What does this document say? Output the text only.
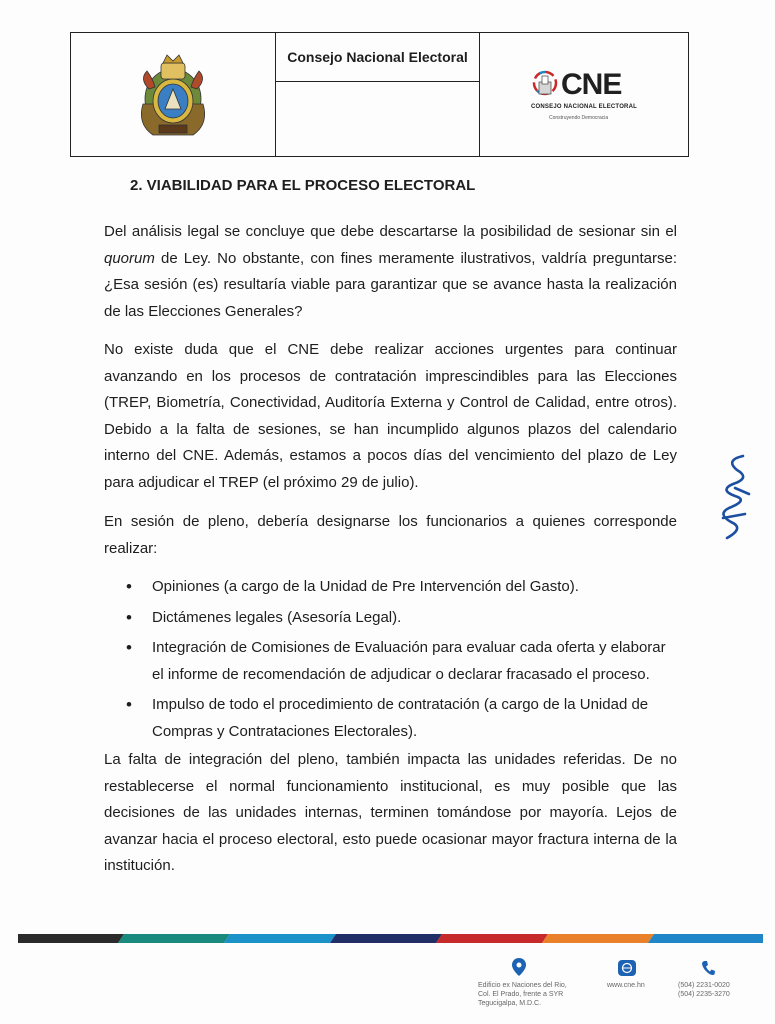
Consejo Nacional Electoral
CNE
CONSEJO NACIONAL ELECTORAL
Construyendo Democracia
2. VIABILIDAD PARA EL PROCESO ELECTORAL

Del análisis legal se concluye que debe descartarse la posibilidad de sesionar sin el quorum de Ley. No obstante, con fines meramente ilustrativos, valdría preguntarse: ¿Esa sesión (es) resultaría viable para garantizar que se avance hasta la realización de las Elecciones Generales?

No existe duda que el CNE debe realizar acciones urgentes para continuar avanzando en los procesos de contratación imprescindibles para las Elecciones (TREP, Biometría, Conectividad, Auditoría Externa y Control de Calidad, entre otros). Debido a la falta de sesiones, se han incumplido algunos plazos del calendario interno del CNE. Además, estamos a pocos días del vencimiento del plazo de Ley para adjudicar el TREP (el próximo 29 de julio).

En sesión de pleno, debería designarse los funcionarios a quienes corresponde realizar:

• Opiniones (a cargo de la Unidad de Pre Intervención del Gasto).
• Dictámenes legales (Asesoría Legal).
• Integración de Comisiones de Evaluación para evaluar cada oferta y elaborar el informe de recomendación de adjudicar o declarar fracasado el proceso.
• Impulso de todo el procedimiento de contratación (a cargo de la Unidad de Compras y Contrataciones Electorales).

La falta de integración del pleno, también impacta las unidades referidas. De no restablecerse el normal funcionamiento institucional, es muy posible que las decisiones de las unidades internas, terminen tomándose por mayoría. Lejos de avanzar hacia el proceso electoral, esto puede ocasionar mayor fractura interna de la institución.

Edificio ex Naciones del Rio,
Col. El Prado, frente a SYR
Tegucigalpa, M.D.C.
www.cne.hn	(504) 2231-0020
(504) 2235-3270
